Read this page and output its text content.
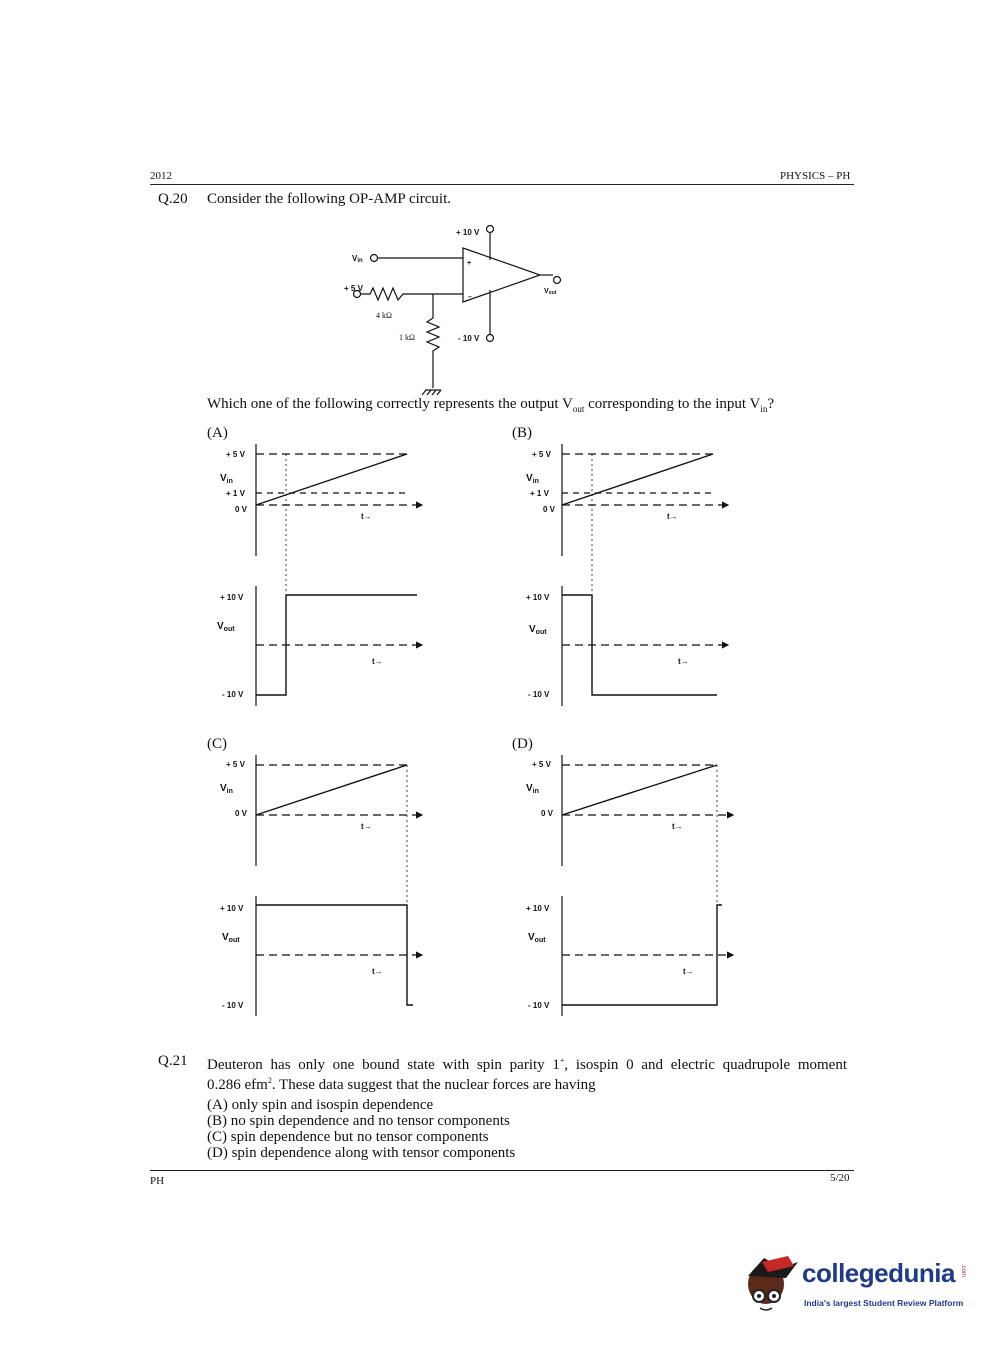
2012	PHYSICS – PH
Q.20 Consider the following OP-AMP circuit.
+ 10 V
- 10 V
Vin
+ 5 V
4 kΩ
1 kΩ
Vout
+
–
Which one of the following correctly represents the output $V_{out}$ corresponding to the input $V_{in}$?
(A)	(B)
(C)	(D)
+ 5 V
$V_{in}$
+ 1 V
0 V
t→
+ 10 V
$V_{out}$
t→
- 10 V
+ 5 V
$V_{in}$
+ 1 V
0 V
t→
+ 10 V
$V_{out}$
t→
- 10 V
+ 5 V
$V_{in}$
0 V
t→
+ 10 V
$V_{out}$
t→
- 10 V
+ 5 V
$V_{in}$
0 V
t→
+ 10 V
$V_{out}$
t→
- 10 V
Q.21 Deuteron has only one bound state with spin parity 1+, isospin 0 and electric quadrupole moment
0.286 efm$^2$. These data suggest that the nuclear forces are having
(A) only spin and isospin dependence
(B) no spin dependence and no tensor components
(C) spin dependence but no tensor components
(D) spin dependence along with tensor components
PH	5/20
collegedunia .com
India's largest Student Review Platform
